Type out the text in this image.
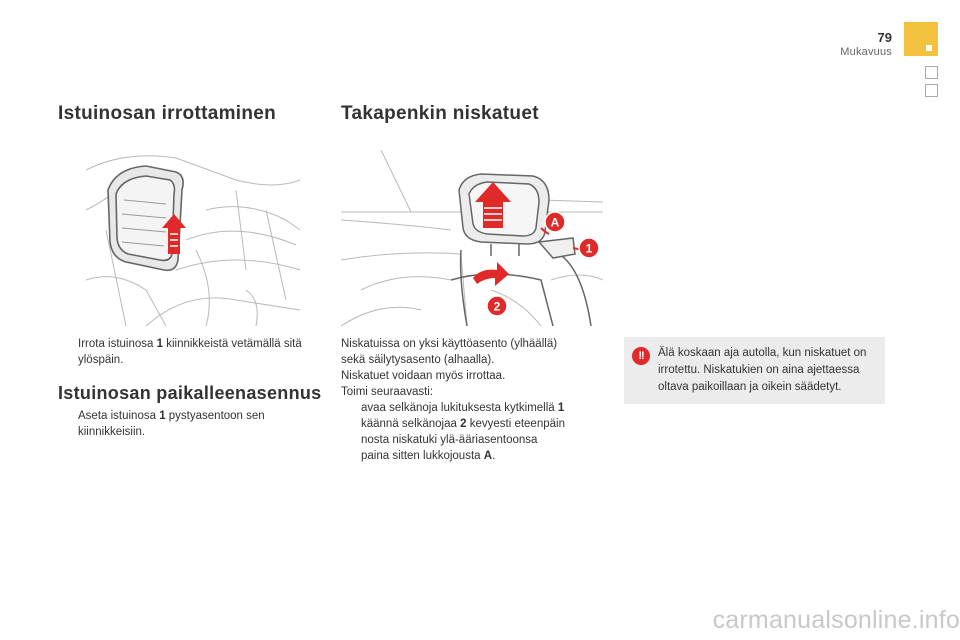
79
Mukavuus
Istuinosan irrottaminen	Takapenkin niskatuet
A
1
2
Irrota istuinosa 1 kiinnikkeistä vetämällä sitä ylöspäin.
Istuinosan paikalleenasennus
Aseta istuinosa 1 pystyasentoon sen kiinnikkeisiin.
Niskatuissa on yksi käyttöasento (ylhäällä)
sekä säilytysasento (alhaalla).
Niskatuet voidaan myös irrottaa.
Toimi seuraavasti:
avaa selkänoja lukituksesta kytkimellä 1
käännä selkänojaa 2 kevyesti eteenpäin
nosta niskatuki ylä-ääriasentoonsa
paina sitten lukkojousta A.
!!	Älä koskaan aja autolla, kun niskatuet on irrotettu. Niskatukien on aina ajettaessa oltava paikoillaan ja oikein säädetyt.
carmanualsonline.info
